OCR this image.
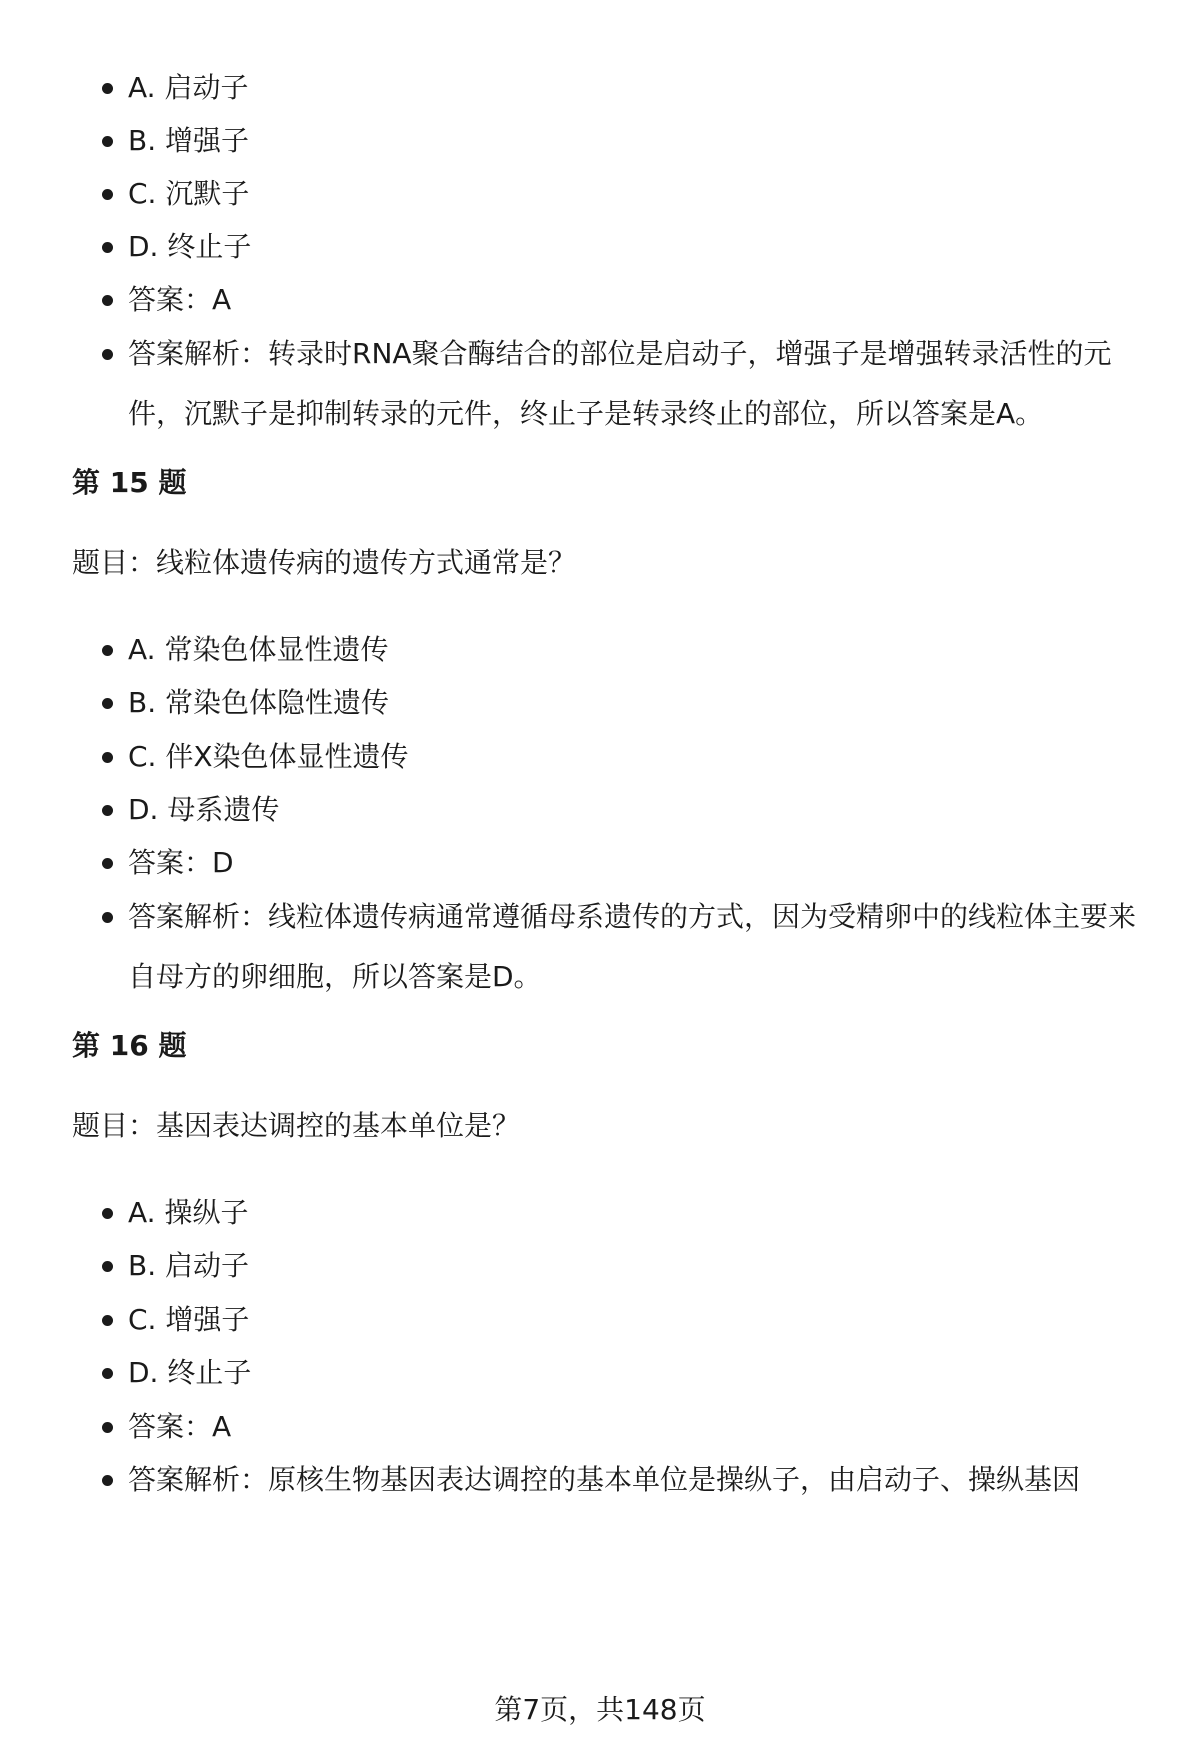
A. 启动子
B. 增强子
C. 沉默子
D. 终止子
答案：A
答案解析：转录时RNA聚合酶结合的部位是启动子，增强子是增强转录活性的元件，沉默子是抑制转录的元件，终止子是转录终止的部位，所以答案是A。
第 15 题
题目：线粒体遗传病的遗传方式通常是？
A. 常染色体显性遗传
B. 常染色体隐性遗传
C. 伴X染色体显性遗传
D. 母系遗传
答案：D
答案解析：线粒体遗传病通常遵循母系遗传的方式，因为受精卵中的线粒体主要来自母方的卵细胞，所以答案是D。
第 16 题
题目：基因表达调控的基本单位是？
A. 操纵子
B. 启动子
C. 增强子
D. 终止子
答案：A
答案解析：原核生物基因表达调控的基本单位是操纵子，由启动子、操纵基因
第7页，共148页
